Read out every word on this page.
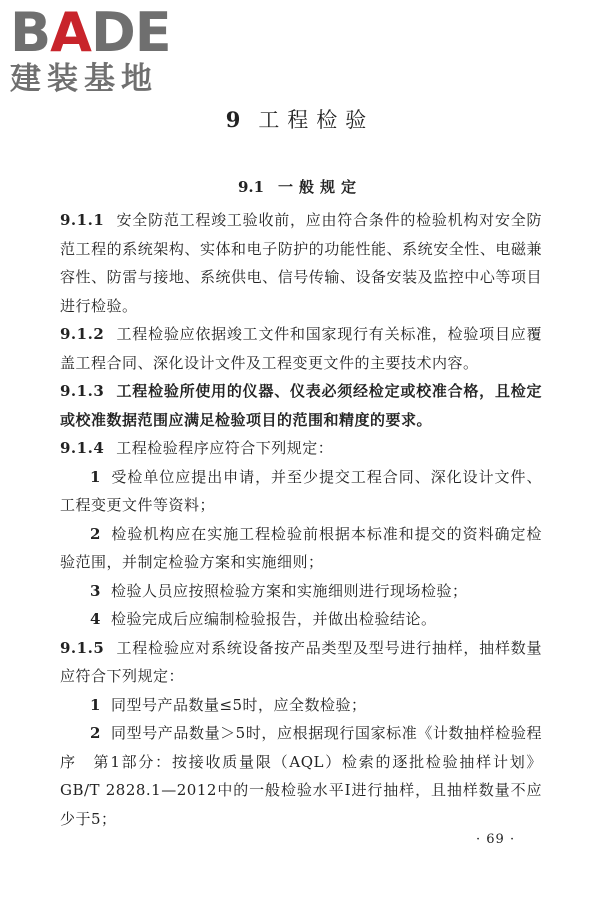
BADE
建装基地
9 工程检验
9.1 一般规定

9.1.1 安全防范工程竣工验收前，应由符合条件的检验机构对安全防范工程的系统架构、实体和电子防护的功能性能、系统安全性、电磁兼容性、防雷与接地、系统供电、信号传输、设备安装及监控中心等项目进行检验。

9.1.2 工程检验应依据竣工文件和国家现行有关标准，检验项目应覆盖工程合同、深化设计文件及工程变更文件的主要技术内容。

9.1.3 工程检验所使用的仪器、仪表必须经检定或校准合格，且检定或校准数据范围应满足检验项目的范围和精度的要求。

9.1.4 工程检验程序应符合下列规定：

1 受检单位应提出申请，并至少提交工程合同、深化设计文件、工程变更文件等资料；

2 检验机构应在实施工程检验前根据本标准和提交的资料确定检验范围，并制定检验方案和实施细则；

3 检验人员应按照检验方案和实施细则进行现场检验；

4 检验完成后应编制检验报告，并做出检验结论。

9.1.5 工程检验应对系统设备按产品类型及型号进行抽样，抽样数量应符合下列规定：

1 同型号产品数量≤5时，应全数检验；

2 同型号产品数量＞5时，应根据现行国家标准《计数抽样检验程序　第1部分：按接收质量限（AQL）检索的逐批检验抽样计划》GB/T 2828.1—2012中的一般检验水平Ⅰ进行抽样，且抽样数量不应少于5；

· 69 ·
